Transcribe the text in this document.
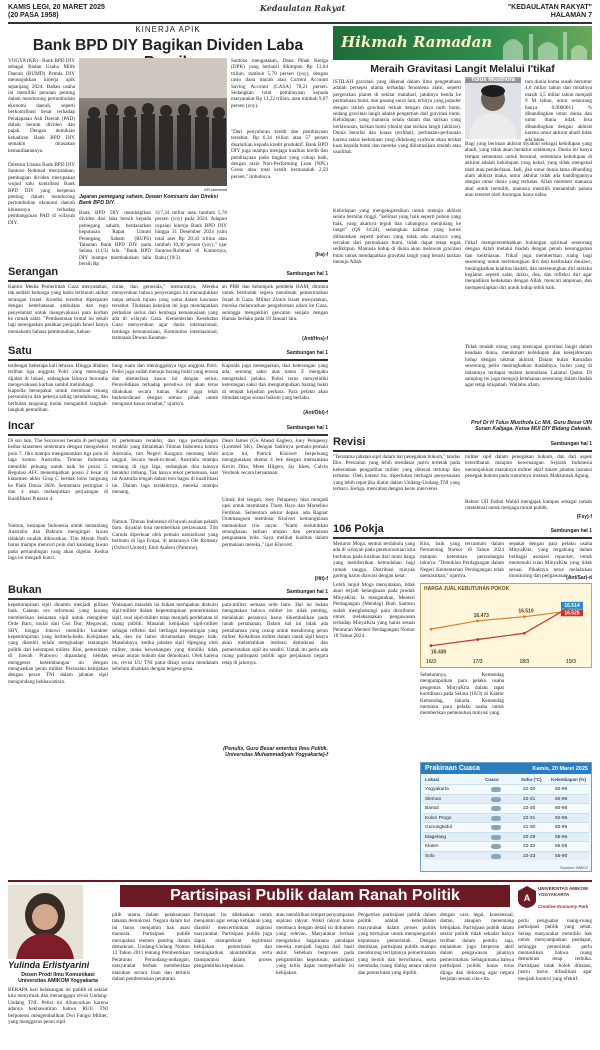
KAMIS LEGI, 20 MARET 2025
(20 PASA 1958)
Kedaulatan Rakyat	"KEDAULATAN RAKYAT"
HALAMAN 7
KINERJA APIK
Bank BPD DIY Bagikan Dividen Laba
YOGYA (KR) - Bank BPD DIY sebagai Badan Usaha Milik Daerah (BUMD) Pemda DIY menunjukkan kinerja apik sepanjang 2024. Badan usaha ini memiliki peranan penting dalam mendorong pertumbuhan ekonomi daerah, seperti berkontribusi besar terhadap Pendapatan Asli Daerah (PAD) dalam bentuk dividen dan pajak. Dengan demikian kehadiran Bank BPD DIY semakin dirasakan kemanfaatannya.
Direktur Utama Bank BPD DIY Santoso Rohmad menyatakan, pembagian dividen merupakan wujud satu kontribusi Bank BPD DIY yang berperan penting dalam mendorong pertumbuhan ekonomi daerah khususnya terhadap pembangunan PAD di wilayah DIY.
KR-Istimewa
Jajaran pemegang saham, Dewan Komisaris dan Direksi Bank BPD DIY.
Bank BPD DIY membagikan dividen dari laba bersih kepada pemegang saham, berdasarkan keputusan Rapat Umum Pemegang Saham (RUPS) Tahunan Bank BPD DIY pada Selasa (11/3) lalu. "Bank BPD DIY mampu membukukan laba bersih Rp
317,34 miliar atau tumbuh 5,78 persen (yoy) pada 2024. Adapun capaian kinerja Bank BPD DIY hingga 31 Desember 2024 yaitu total aset Rp 20,43 triliun atau tumbuh 10,40 persen (yoy)," ujar Santoso-Rohmad di Kantornya, Rabu (19/3).
Santoso mengatakan, Dana Pihak Ketiga (DPK) yang berhasil dihimpun Rp 13,64 triliun, tumbuh 5,79 persen (yoy), dengan rasio dana murah atau Current Account Saving Account (CASA) 78,21 persen. Sedangkan total pembiayaan kepada masyarakat Rp 11,22 triliun, atau tumbuh 9,07 persen (yoy).
"Dari penyaluran kredit dan pembiayaan tersebut, Rp 6,34 triliun atau 57 persen disalurkan kepada kredit produktif. Bank BPD DIY juga mampu menjaga kualitas kredit dan pembiayaan pada tingkat yang cukup baik, dengan rasio Non-Performing Loan (NPL) Gross atau total kredit bermasalah 2,59 persen," imbuhnya.
(Ira)-f
Hikmah Ramadan
Meraih Gravitasi Langit Melalui I'tikaf
ISTILAH gravitasi yang dikenal dalam ilmu pengetahuan adalah persepsi utama terhadap fenomena alam, seperti pergerakan planet di sekitar matahari, jatuhnya benda ke permukaan bumi, dan pasang surut laut, ertinya yang populer dengan istilah gravitasi terkait dengan daya tarik bumi, sedang gravitasi langit adalah pengertian dari gravitasi bumi. Kehidupan yang manusia selalu dalam dua tarikan yang berlawanan, tarikan bumi (dunia) dan tarikan langit (akhirat). Dunia bersifat dan kuasa (terlihat), perbuatan-perbuatan karena rakus keduniaan yang didukung syahwat akan terikat kuat kepada bumi dan mereka yang dilistrasikan rendah atau usuilihat.
Kehidupan yang mengekspresikan untuk menuju akhirat selalu bernilai tinggi, "kelimat yang baik seperti pohon yang baik, yang akarnya teguh dan cabangnya menjulang ke langit" (QS 14:24), sedangkan kalimat yang buruk diibaratkan seperti pohon yang tidak ada akarnya yang tercabut dari permukaan bumi, tidak dapat tetap tegak sedikitpun. Manusia hidup di dunia akan melawan gravitasi bumi untuk mendapatkan gravitasi langit yang berarti tarikan menuju Allah.
Tulus Musthofa	tara dunia koma susah berumur 4,6 miliar tahun dan misalnya masih 4,5 miliar tahun menjadi 9 M tahun, umur seseorang hanya 0.0000011 % dibandingkan umur dunia dan umur dunia tidak bisa dibandingkan dengan akhirat karena umur akhirat abadi tidak ada batas.
Bagi yang beriman akhirat diyakini sebagai kehidupan yang abadi, yang tidak akan berakhir selamanya. Dunia ini hanya tempat sementara untuk beramal, sementara kehidupan di akhirat adalah kehidupan yang kekal, yang tidak mengenal mati atau penderitaan. Jadi, jika umur dunia lama dibanding alam akhirat maka, umur akhirat tidak ada bandingannya dengan umur dunia yang terbatas. Allah memberi manusia akal untuk memilih, manusia memilih menambah pahala atau terseret oleh dorongan hawa nafsu.
I'tikaf mempersembahkan hubungan spiritual seseorang dengan Allah melalui ibadah dengan penuh kesungguhan dan keikhlasan. I'tikaf juga memberikan ruang bagi seseorang untuk merenungkan diri dari kesibukan duniawi, meningkatkan kualitas ibadah, dan merenungkan diri melalui kegiatan seperti salat, dzikir, doa, dan refleksi diri agar menjadikan kedekatan dengan Allah, mencari ampunan, dan mempersiapkan diri untuk hidup lebih baik.
Tidak mudah orang yang mencapai gravitasi langit dalam keadaan dunia, menikmati kehidupan dan kesejahteraan hidup dengan nikmat akhirat. Dalam bulan Ramadan seseorang perlu meningkatkan ibadahnya, bulan yang di dalamnya terdapat malam kemuliaan Lailatul Qadar. Di samping itu juga menguji ketahanan seseorang dalam ibadah agar tetap istiqamah. Wallahu a'lam.
Prof Dr H Tulus Musthofa Lc MA, Guru Besar UIN Sunan Kalijaga. Ketua MUI DIY Bidang Dakwah.
Serangan	Sambungan hal 1
Kantor Media Pemerintah Gaza menyatakan, tak sedikit keluarga yang habis terbunuh akibat serangan Israel. Kondisi tersebut diperparah dengan keterbatasan ambulans dan regu penyelamat untuk mengevakuasi para korban ke rumah sakit. "Pembantaian brutal ini sekali lagi menegaskan pasukan penjajah Israel hanya memahami bahasa pembunuhan, kehan-
curan, dan genosida," menurutnya. Mereka menyerukan bahwa penyerangan ini menunjukkan tanpa sebuah tujuan yang sama dalam kawasan tersebut. Tindakan kekejian ini juga mendapatkan perhatian serius dari lembaga kemanusiaan yang ada di wilayah Gaza. Kementerian Kesehatan Gaza menyerukan agar dunia internasional, lembaga kemanusiaan, Komunitas internasional, termasuk Dewan Keaman-
an PBB dan kelompok pembela HAM, diminta untuk bertindak segera mendesak pemerintahan Israel di Gaza. Militer Zionis Israel menyatakan, mereka melancarkan pengeboman udara ke Gaza, sehingga mengakhiri gencatan senjata dengan Hamas berlaku pada 19 Januari lalu.
(Ant/Hns)-f
Satu	Sambungan hal 1
terdengar beberapa kali letusan. Hingga ditahun terlihat tiga anggota Polri yang menunggu dijalan di lokasi, sedangkan lainnya berusaha mengevakuasi korban sambil melindungi.
Kapolda bersepakat untuk membuat tenang personilnya dan pekerja saling mendukung, dan berbulan langsung mulai mengambil langkah-langkah pemulihan.
bung ruam dan meninggalnya tiga anggota Polri. Polisi juga sudah menuju barang bukti yang tersisa dan memeriksa kasus ini dengan serius. Penyelidikan terhadap peristiwa ini akan terus dilakukan secara tuntas. Kami juga telah berkoordinasi dengan semua pihak untuk mengusut kasus tersebut," ujarnya.
Kapolda juga menegaskan, dari keterangan yang ada, seorang saksi atas nama Z mengaku mengetahui pelaku. Polisi terus menyelidiki keterangan saksi dan mengumpulkan barang bukti di tempat kejadian perkara. Para pelaku akan ditindak tegas sesuai hukum yang berlaku.
(Ant/Obi)-f
Incar	Sambungan hal 1
Di sisi lain, The Socceroos berada di peringkat kedua klasemen sementara dengan mengoleksi poin 7. Jika mampu mengamankan tiga poin di laga kontra Australia, Timnas Indonesia memiliki peluang untuk naik ke posisi 2. Regulasi AFC menempatkan posisi 2 besar di klasemen akhir Grup C berhak lolos langsung ke Piala Dunia 2026. Sementara peringkat 3 dan 4 akan melanjutkan perjuangan di Kualifikasi Putaran 4.
Namun, kesiapan Indonesia untuk menantang Australia dan Bahrain mengingat lawan tidaklah mudah dilewatkan. Tim Merah Putih harus mampu mencuri poin dari kandang lawan pada pertandingan yang akan digelar. Kedua laga ini menjadi kunci.
di pertemuan terakhir, dan tiga pertandingan terakhir yang dimainkan Timnas Indonesia kontra Australia, tim Negeri Kanguru memang lebih unggul. Secara head-to-head, Australia mampu menang di tiga laga, sedangkan dua lainnya berakhir imbang. Tak hanya rekor pertemuan, saat ini Australia tengah dalam tren bagus di kualifikasi ini. Dalam laga terakhirnya, mereka mampu menang.
Namun, Timnas Indonesia di bawah asuhan pelatih baru, diyakini bisa memberikan perlawanan. Tim Garuda diperkuat oleh pemain naturalisasi yang bermain di liga Eropa, di antaranya Ole Romeny (Oxford United), Emil Audero (Palermo),
Dean James (Go Ahead Eagles), Joey Pelupessy (Lommel SK). Dengan hadirnya pemain-pemain anyar ini, Patrick Kluivert berpeluang menggunakan skema 4 bek dengan memainkan Kevin Diks, Mees Hilgers, Jay Idzes, Calvin Verdonk secara bersamaan.
Untuk lini tengah, Joey Pelupessy bisa menjadi opsi untuk membantu Thom Haye dan Marselino Ferdinan. Sementara sektor depan, ada Ragnar Oratmangoen membuat Kluivert kemungkinan memainkan trio anyar. "Kami meluluhkan serangkaian latihan umpan dan permainan penguasaan bola. Saya melihat kualitas dalam permainan mereka," ujar Kluivert.
(Hit)-f
Bukan	Sambungan hal 1
kepemimpinan sipil dinamis menjadi pilihan baik. Catatan era reformasi yang kurang memberikan kekuatan sipil untuk mengubur Orde Baru, mulai dari Gus Dur, Megawati, SBY, hingga Jokowi memiliki karakter kepemimpinan yang berbeda-beda. Kebijakan yang diambil selalu menghadapi tantangan politik dari kelompok militer. Kini, pemerintah di bawah Prabowo dipandang hendak menggeser keseimbangan itu dengan menguatkan peran militer. Persoalan kebijakan dengan peran TNI dalam jabatan sipil mengundang kekhawatiran.
Walaupun masalah ini bukan merupakan diskursi sipil-militer dalam kepemimpinan pemerintahan sipil, soal sipil-militer tetap menjadi perdebatan di ruang publik. Masalah kebijakan sipil-militer sebagai refleksi dari berbagai kepentingan yang ada, dan ini harus dirumuskan dengan baik. Masalahnya, ketika jabatan sipil dipegang oleh militer, maka kewenangan yang dimiliki tidak sesuai aturan hukum dan demokrasi. Oleh karena itu, revisi UU TNI patut dikaji secara mendalam sebelum disahkan dengan tergesa-gesa.
para-militer semasa orde baru. Hal ini bukan mengatakan bahwa militer itu tidak penting, melainkan perannya harus dikembalikan pada ranah pertahanan. Dalam hal ini tidak ada pemahaman yang cukup untuk mendorong peran militer. Kehadiran militer dalam ranah sipil hanya akan melemahkan institusi demokrasi dan pemerintahan sipil itu sendiri. Untuk itu perlu ada ruang partisipasi publik agar perjalanan negara tetap di jalurnya.
(Penulis, Guru Besar emeritus Ilmu Politik, Universitas Muhammadiyah Yogyakarta)-f
Revisi	Sambungan hal 1
"Terutama jabatan sipil dalam hal penegakan hukum," tandas Eko. Persoalan yang lebih mendasar justru terletak pada keberadaan pengadilan militer yang dikenal tertutup dan terbatas. Oleh karena itu, diperlukan berbagai penyesuaian yang lebih tepat jika diatur dalam Undang-Undang TNI yang terbaru. Ketiga, mencabut dengan keras intervensi
militer sipil dalam penegakan hukum, dan dari aspek keterlibatan maupun kewenangan. Sejarah Indonesia menunjukkan masuknya militer aktif dalam jabatan instansi penegak hukum pada runtuhnya instansi Mahkamah Agung.
Rektor UII Fathul Wahid mengajak kampus sebagai rumah intelektual untuk menjaga moral publik.
(Fsy)-f
106 Pokja	Sambungan hal 1
Menurut Moga, sentral terdahulu yang ada di wilayah pada perekonomian kita berfokus pada kualitas dari mutu harga yang memberikan kemudahan bagi rumah tangga. Distribusi minyak goreng harus diawasi dengan ketat.
Lebih lanjut Moga menyatakan, tidak akan terjadi kelangkaan pada produk MinyaKita. Ia mengatakan, Menteri Perdagangan (Mendag) Budi Santoso sudah menghubungi para distributor untuk melaksanakan pengawasan terhadap MinyaKita yang harus sesuai Peraturan Menteri Perdagangan Nomor 18 Tahun 2024.
Kita, baik yang tercantum dalam Permendag Nomor 18 Tahun 2024 maupun ketentuan perundangan lainnya. "Demikian Perdagangan dalam Negeri Kementerian Perdagangan telah memastikan," ujarnya.
Sebelumnya, Kemendag mengumpulkan para pelaku usaha pengemas MinyaKita dalam rapat koordinasi pada Selasa (18/3) di Kantor Kemendag, Jakarta. Kemendag meminta para pelaku usaha untuk memberikan pemenuhan minyak yang
sepakat dengan para pelaku usaha MinyaKita, yang tergabung dalam berbagai asosiasi repacker, untuk memenuhi isian MinyaKita yang tidak sesuai. Pihaknya terus melakukan monitoring dan pengawasan.
(Ant/Sar)-d
HARGA JUAL KEBUTUHAN POKOK
16/3	17/3	18/3	19/3
16.514
16.473	16.525
16.430
16.510
Prakiraan Cuaca	Kamis, 20 Maret 2025
Lokasi	Cuaca	Suhu (°C) Kelembapan (%)
Yogyakarta	22-30	60-95
Sleman	22-31	60-95
Bantul	22-30	60-95
Kulon Progo	22-31	60-95
Gunungkidul	21-30	60-95
Magelang	20-29	65-95
Klaten	22-32	55-95
Solo	22-33	55-90
Sumber: BMKG
Partisipasi Publik dalam Ranah Politik	A
UNIVERSITAS AMIKOM YOGYAKARTA
Creative Economy Park
Yulinda Erlistyarini
Dosen Prodi Ilmu Komunikasi Universitas AMIKOM Yogyakarta
BERAPA hari belakangan ini publik di sekitar kita menyimak dan menanggapi revisi Undang-Undang TNI. Petisi ini diluncurkan karena adanya kekhawatiran bahwa RUU TNI berpotensi mengembalikan Dwi Fungsi Militer, yang menggerus peran sipil.
pilih utama dalam pelaksanaan tatanan demokrasi. Negara dalam hal ini harus menjamin hak asasi manusia. Partisipasi publik merupakan elemen penting dalam demokrasi. Undang-Undang Nomor 12 Tahun 2011 tentang Pembentukan Peraturan Perundang-undangan, masyarakat berhak memberikan masukan secara lisan dan tertulis dalam pembentukan peraturan.
Partisipasi itu ditekankan untuk menjamin agar setiap kebijakan yang diambil mencerminkan aspirasi masyarakat. Partisipasi publik juga dapat memperkuat legitimasi kebijakan pemerintah dan meningkatkan akuntabilitas serta transparansi dalam proses pengambilan keputusan.
atau mendirikan tempat penyampaian aspirasi rakyat. Wakil rakyat harus membaca dengan detail isi dokumen yang relevan. Masyarakat berhak mengetahui bagaimana pendapat mereka menjadi bagian dari hasil akhir. Sebelum berproses pada pengambilan keputusan, partisipasi yang kritis dapat memperbaiki isi kebijakan.
Pengertian partisipasi publik dalam politik adalah keterlibatan masyarakat dalam proses politik yang bertujuan untuk mempengaruhi keputusan pemerintah. Dengan demikian, partisipasi publik mampu mendorong terciptanya pemerintahan yang bersih dan berwibawa, serta membuka ruang dialog antara rakyat dan pemerintah yang dipilih.
dengan cara legal, konsensual, damai, ataupun menentang kebijakan. Partisipasi publik dalam sektor politik tidak sekadar hanya terlibat dalam pemilu saja, melainkan juga berperan aktif dalam pengawasan jalannya pemerintahan. Sebagaimana bahwa partisipasi politik harus terus dijaga dan didorong agar negara berjalan sesuai cita-cita.
perlu penguatan ruang-ruang partisipasi publik yang sehat. Setiap masyarakat memiliki hak untuk menyampaikan pendapat, sehingga pemerintah perlu memastikan bahwa ruang demokrasi tetap terbuka. Partisipasi tidak boleh dibatasi, justru harus difasilitasi agar menjadi kontrol yang efektif.
